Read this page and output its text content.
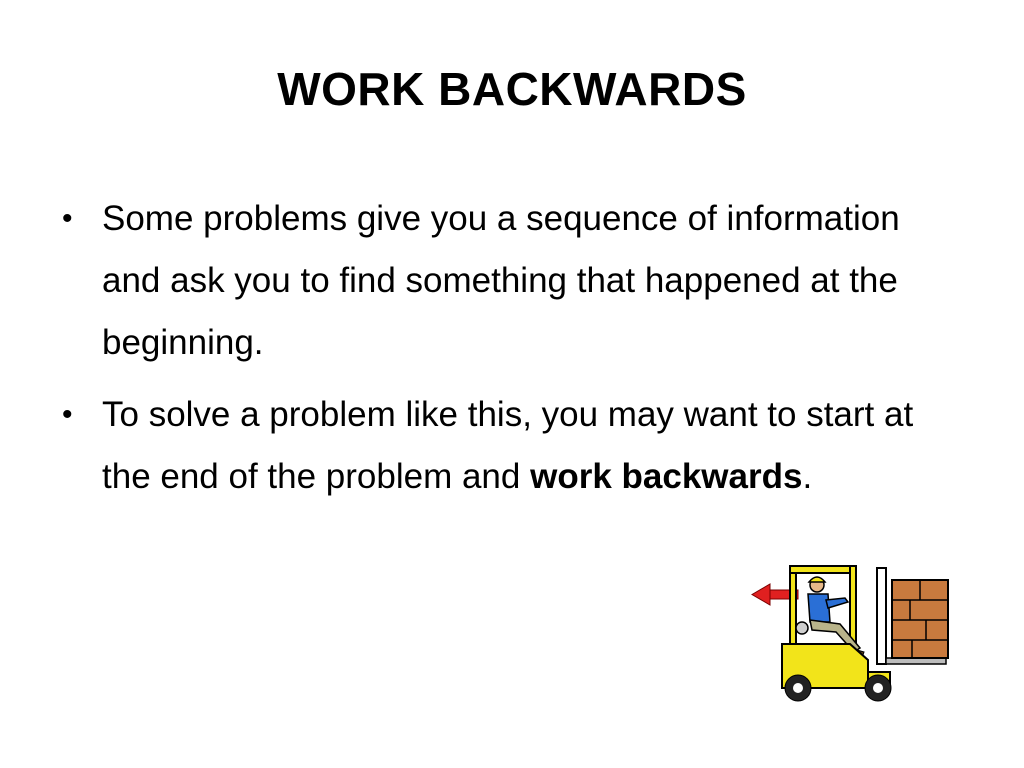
WORK BACKWARDS
• Some problems give you a sequence of information and ask you to find something that happened at the beginning.
• To solve a problem like this, you may want to start at the end of the problem and work backwards.
